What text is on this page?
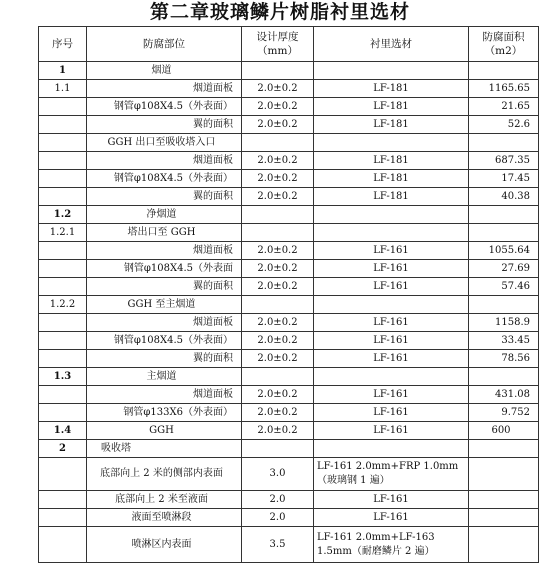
第二章玻璃鳞片树脂衬里选材
序号	防腐部位	设计厚度（mm）	衬里选材	防腐面积（m2）
1	烟道			
1.1	烟道面板	2.0±0.2	LF-181	1165.65
	钢管φ108X4.5（外表面）	2.0±0.2	LF-181	21.65
	翼的面积	2.0±0.2	LF-181	52.6
	GGH 出口至吸收塔入口			
	烟道面板	2.0±0.2	LF-181	687.35
	钢管φ108X4.5（外表面）	2.0±0.2	LF-181	17.45
	翼的面积	2.0±0.2	LF-181	40.38
1.2	净烟道			
1.2.1	塔出口至 GGH			
	烟道面板	2.0±0.2	LF-161	1055.64
	钢管φ108X4.5（外表面	2.0±0.2	LF-161	27.69
	翼的面积	2.0±0.2	LF-161	57.46
1.2.2	GGH 至主烟道			
	烟道面板	2.0±0.2	LF-161	1158.9
	钢管φ108X4.5（外表面）	2.0±0.2	LF-161	33.45
	翼的面积	2.0±0.2	LF-161	78.56
1.3	主烟道			
	烟道面板	2.0±0.2	LF-161	431.08
	钢管φ133X6（外表面）	2.0±0.2	LF-161	9.752
1.4	GGH	2.0±0.2	LF-161	600
2	吸收塔			
	底部向上 2 米的侧部内表面	3.0	LF-161 2.0mm+FRP 1.0mm（玻璃钢 1 遍）	
	底部向上 2 米至液面	2.0	LF-161	
	液面至喷淋段	2.0	LF-161	
	喷淋区内表面	3.5	LF-161 2.0mm+LF-163 1.5mm（耐磨鳞片 2 遍）	
